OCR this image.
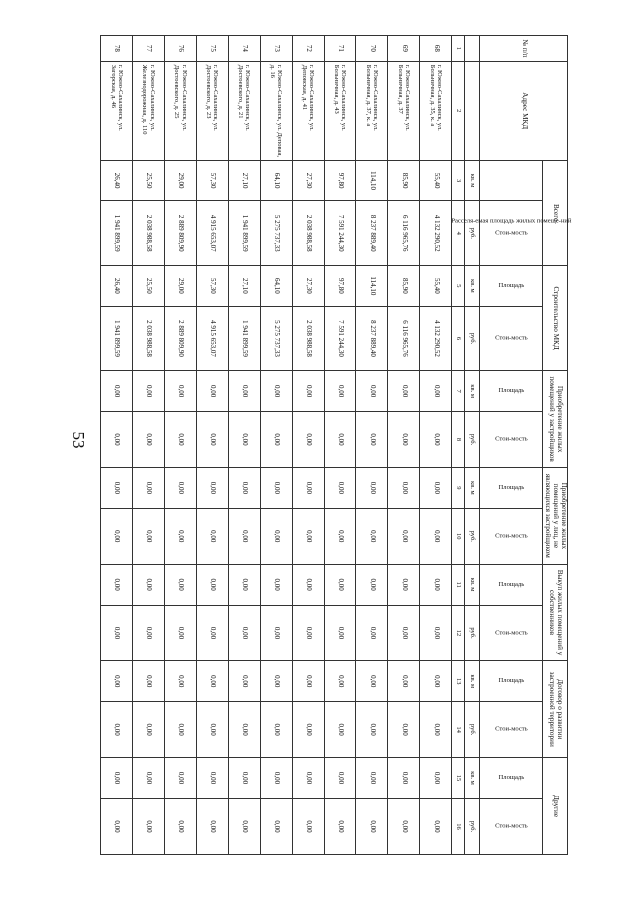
53
№ п/п	Адрес МКД	Всего		Строительство МКД		Приобретение жилых помещений у застройщиков		Приобретение жилых помещений у лиц, не являющихся застройщиком		Выкуп жилых помещений у собственников		Договор о развитии застроенной территории		Другие	
		Расселя-емая площадь жилых помеще-ний	Стои-мость	Площадь	Стои-мость	Площадь	Стои-мость	Площадь	Стои-мость	Площадь	Стои-мость	Площадь	Стои-мость	Площадь	Стои-мость
		кв. м	руб.	кв. м	руб.	кв. м	руб.	кв. м	руб.	кв. м	руб.	кв. м	руб.	кв. м	руб.
1	2	3	4	5	6	7	8	9	10	11	12	13	14	15	16
68	г. Южно-Сахалинск, ул. Больничная, д. 35, к. а	55,40	4 132 290,52	55,40	4 132 290,52	0,00	0,00	0,00	0,00	0,00	0,00	0,00	0,00	0,00	0,00
69	г. Южно-Сахалинск, ул. Больничная, д. 37	85,90	6 116 965,76	85,90	6 116 965,76	0,00	0,00	0,00	0,00	0,00	0,00	0,00	0,00	0,00	0,00
70	г. Южно-Сахалинск, ул. Больничная, д. 37, к. а	114,10	8 237 889,40	114,10	8 237 889,40	0,00	0,00	0,00	0,00	0,00	0,00	0,00	0,00	0,00	0,00
71	г. Южно-Сахалинск, ул. Больничная, д. 43	97,80	7 591 244,30	97,80	7 591 244,30	0,00	0,00	0,00	0,00	0,00	0,00	0,00	0,00	0,00	0,00
72	г. Южно-Сахалинск, ул. Деповская, д. 41	27,30	2 038 988,58	27,30	2 038 988,58	0,00	0,00	0,00	0,00	0,00	0,00	0,00	0,00	0,00	0,00
73	г. Южно-Сахалинск, ул. Деповая, д. 16	64,10	5 275 737,33	64,10	5 275 737,33	0,00	0,00	0,00	0,00	0,00	0,00	0,00	0,00	0,00	0,00
74	г. Южно-Сахалинск, ул. Достоевского, д. 21	27,10	1 941 899,59	27,10	1 941 899,59	0,00	0,00	0,00	0,00	0,00	0,00	0,00	0,00	0,00	0,00
75	г. Южно-Сахалинск, ул. Достоевского, д. 23	57,30	4 915 653,07	57,30	4 915 653,07	0,00	0,00	0,00	0,00	0,00	0,00	0,00	0,00	0,00	0,00
76	г. Южно-Сахалинск, ул. Достоевского, д. 25	29,00	2 889 809,90	29,00	2 889 809,90	0,00	0,00	0,00	0,00	0,00	0,00	0,00	0,00	0,00	0,00
77	г. Южно-Сахалинск, ул. Железнодорожная, д. 110	25,50	2 038 988,58	25,50	2 038 988,58	0,00	0,00	0,00	0,00	0,00	0,00	0,00	0,00	0,00	0,00
78	г. Южно-Сахалинск, ул. Загорская, д. 46	26,40	1 941 899,59	26,40	1 941 899,59	0,00	0,00	0,00	0,00	0,00	0,00	0,00	0,00	0,00	0,00
